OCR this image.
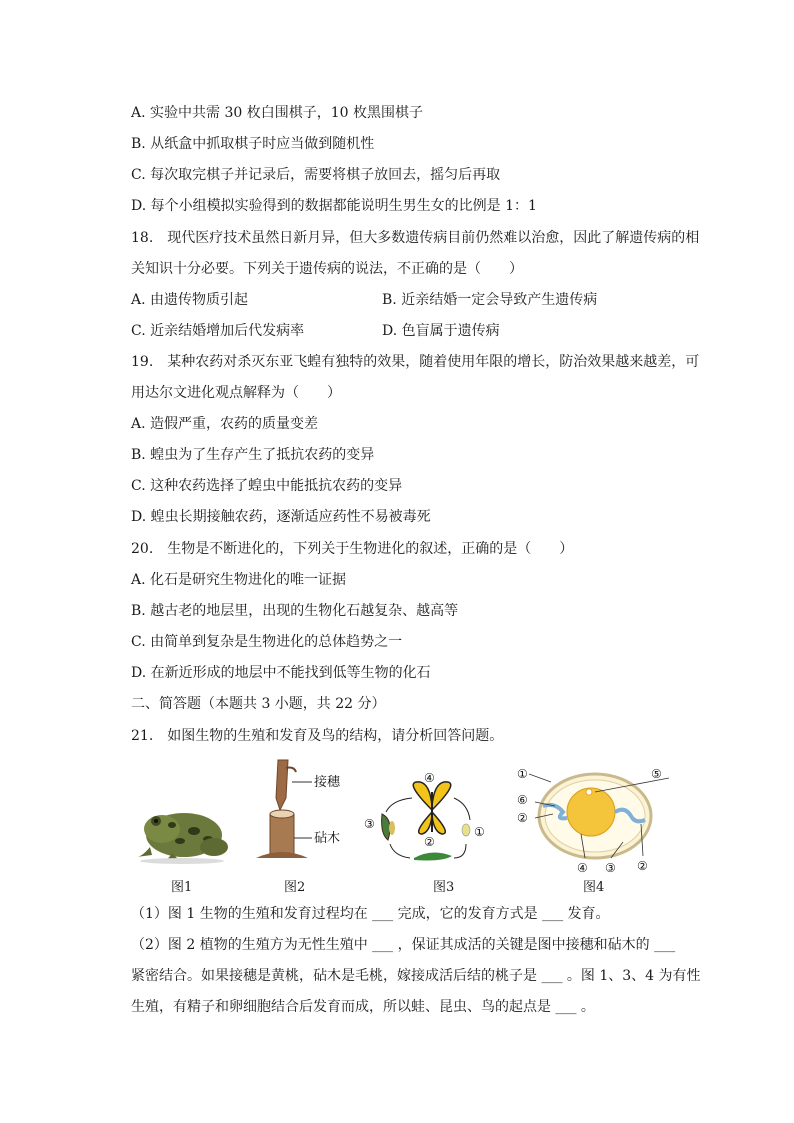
A. 实验中共需 30 枚白围棋子，10 枚黑围棋子
B. 从纸盒中抓取棋子时应当做到随机性
C. 每次取完棋子并记录后，需要将棋子放回去，摇匀后再取
D. 每个小组模拟实验得到的数据都能说明生男生女的比例是 1：1
18.　现代医疗技术虽然日新月异，但大多数遗传病目前仍然难以治愈，因此了解遗传病的相
关知识十分必要。下列关于遗传病的说法，不正确的是（　　）
A. 由遗传物质引起	B. 近亲结婚一定会导致产生遗传病
C. 近亲结婚增加后代发病率	D. 色盲属于遗传病
19.　某种农药对杀灭东亚飞蝗有独特的效果，随着使用年限的增长，防治效果越来越差，可
用达尔文进化观点解释为（　　）
A. 造假严重，农药的质量变差
B. 蝗虫为了生存产生了抵抗农药的变异
C. 这种农药选择了蝗虫中能抵抗农药的变异
D. 蝗虫长期接触农药，逐渐适应药性不易被毒死
20.　生物是不断进化的，下列关于生物进化的叙述，正确的是（　　）
A. 化石是研究生物进化的唯一证据
B. 越古老的地层里，出现的生物化石越复杂、越高等
C. 由简单到复杂是生物进化的总体趋势之一
D. 在新近形成的地层中不能找到低等生物的化石
二、简答题（本题共 3 小题，共 22 分）
21.　如图生物的生殖和发育及鸟的结构，请分析回答问题。
图1
接穗
砧木
图2
④
①
②
③
图3
①
⑥
②
⑤
④ ③ ②
图4
（1）图 1 生物的生殖和发育过程均在 ___ 完成，它的发育方式是 ___ 发育。
（2）图 2 植物的生殖方为无性生殖中 ___ ，保证其成活的关键是图中接穗和砧木的 ___
紧密结合。如果接穗是黄桃，砧木是毛桃，嫁接成活后结的桃子是 ___ 。图 1、3、4 为有性
生殖，有精子和卵细胞结合后发育而成，所以蛙、昆虫、鸟的起点是 ___ 。
